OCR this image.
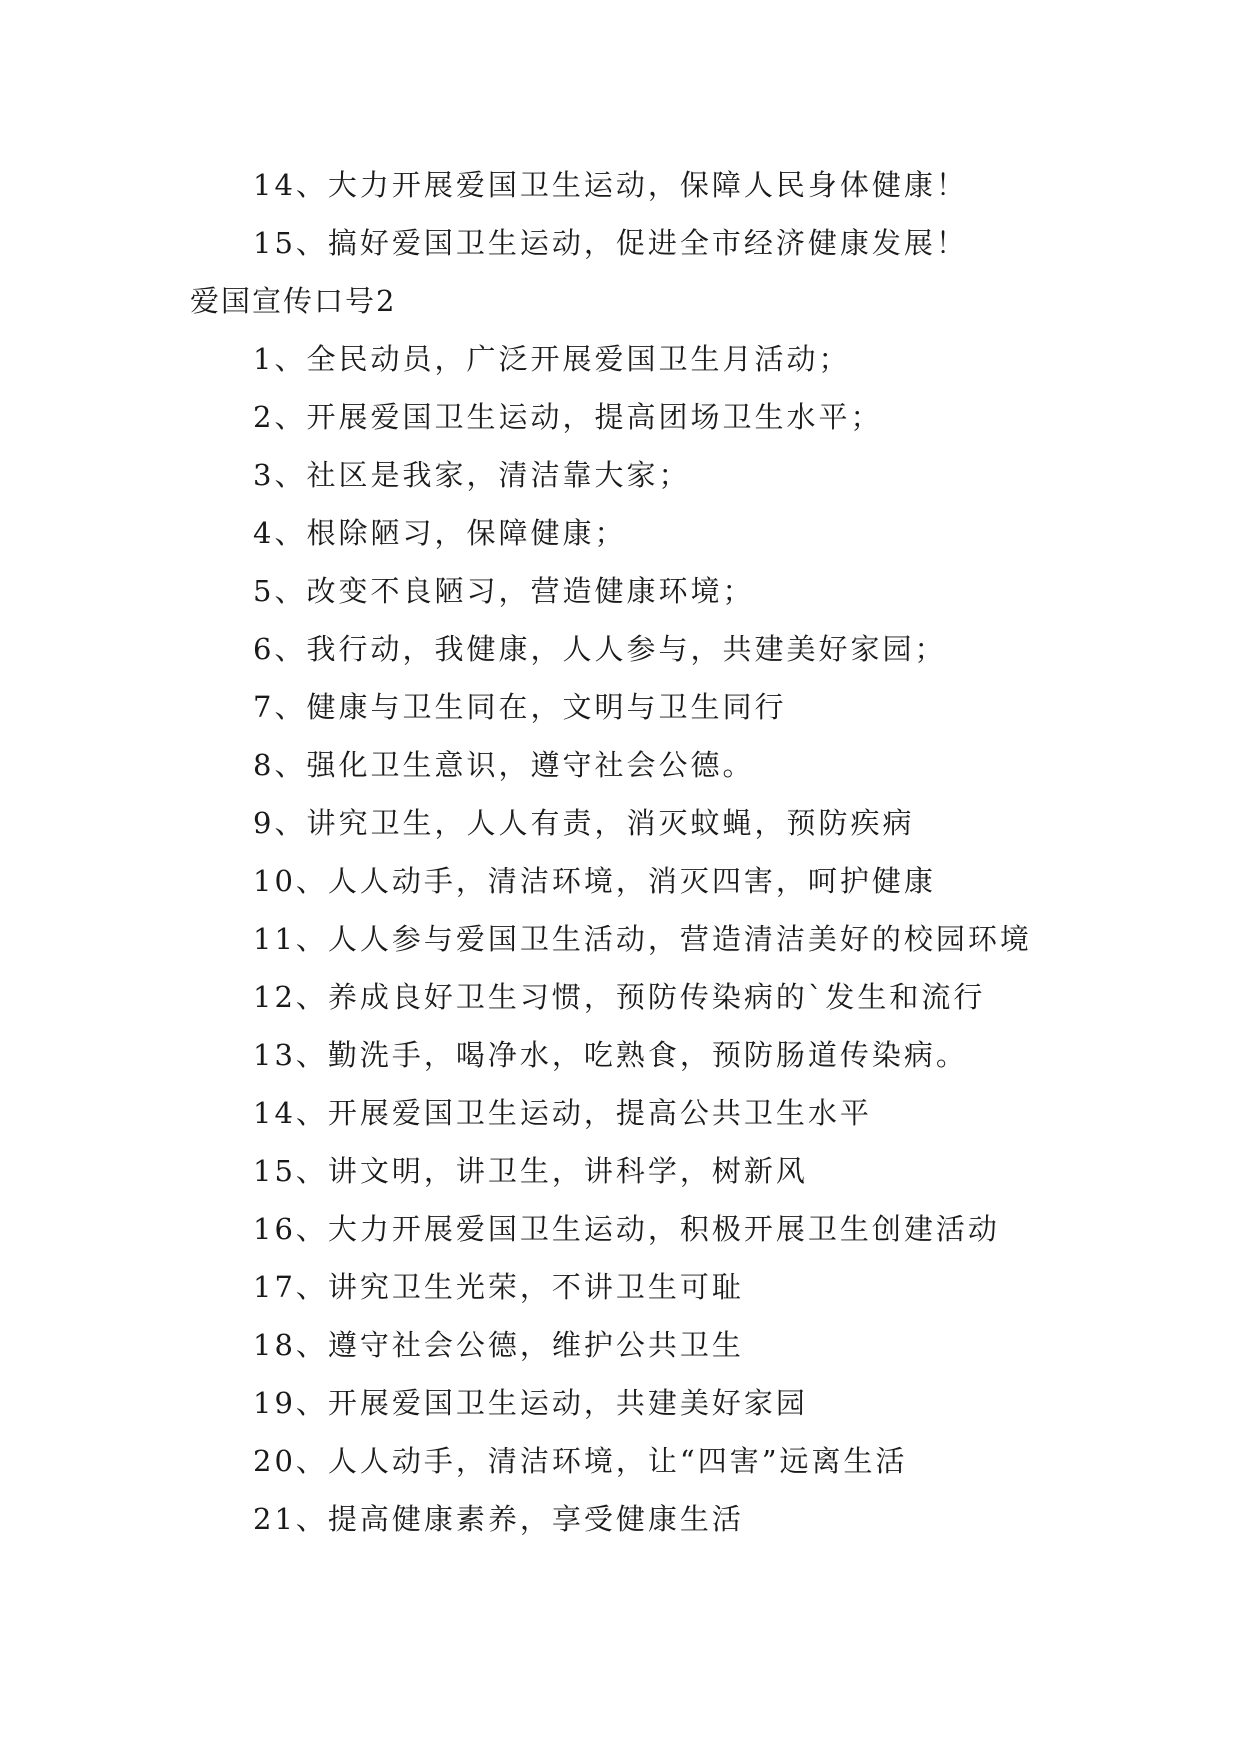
14、大力开展爱国卫生运动，保障人民身体健康！
15、搞好爱国卫生运动，促进全市经济健康发展！
爱国宣传口号2
1、全民动员，广泛开展爱国卫生月活动；
2、开展爱国卫生运动，提高团场卫生水平；
3、社区是我家，清洁靠大家；
4、根除陋习，保障健康；
5、改变不良陋习，营造健康环境；
6、我行动，我健康，人人参与，共建美好家园；
7、健康与卫生同在，文明与卫生同行
8、强化卫生意识，遵守社会公德。
9、讲究卫生，人人有责，消灭蚊蝇，预防疾病
10、人人动手，清洁环境，消灭四害，呵护健康
11、人人参与爱国卫生活动，营造清洁美好的校园环境
12、养成良好卫生习惯，预防传染病的`发生和流行
13、勤洗手，喝净水，吃熟食，预防肠道传染病。
14、开展爱国卫生运动，提高公共卫生水平
15、讲文明，讲卫生，讲科学，树新风
16、大力开展爱国卫生运动，积极开展卫生创建活动
17、讲究卫生光荣，不讲卫生可耻
18、遵守社会公德，维护公共卫生
19、开展爱国卫生运动，共建美好家园
20、人人动手，清洁环境，让“四害”远离生活
21、提高健康素养，享受健康生活
